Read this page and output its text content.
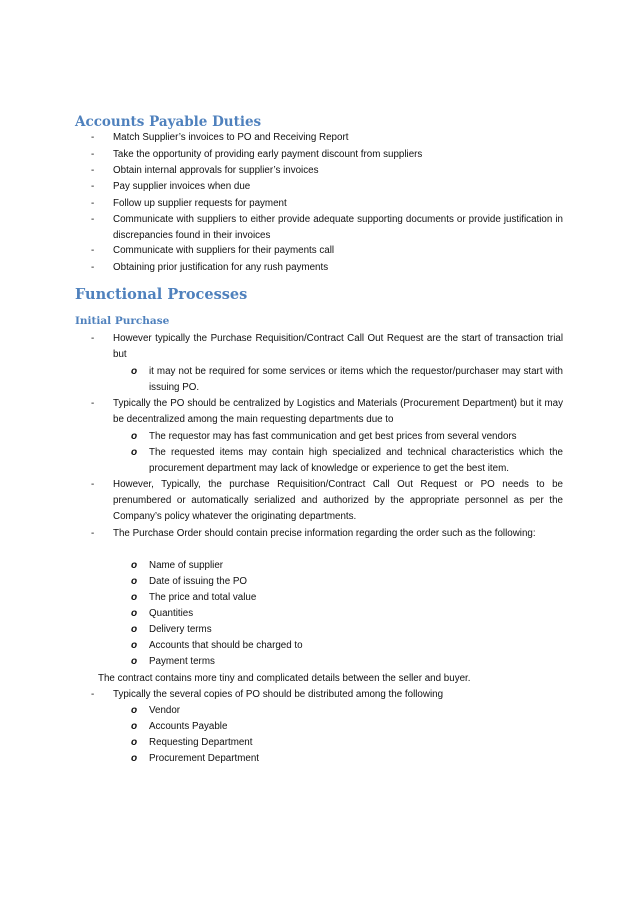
Accounts Payable Duties
- Match Supplier’s invoices to PO and Receiving Report
- Take the opportunity of providing early payment discount from suppliers
- Obtain internal approvals for supplier’s invoices
- Pay supplier invoices when due
- Follow up supplier requests for payment
- Communicate with suppliers to either provide adequate supporting documents or provide justification in discrepancies found in their invoices
- Communicate with suppliers for their payments call
- Obtaining prior justification for any rush payments
Functional Processes
Initial Purchase
- However typically the Purchase Requisition/Contract Call Out Request are the start of transaction trial but
o it may not be required for some services or items which the requestor/purchaser may start with issuing PO.
- Typically the PO should be centralized by Logistics and Materials (Procurement Department) but it may be decentralized among the main requesting departments due to
o The requestor may has fast communication and get best prices from several vendors
o The requested items may contain high specialized and technical characteristics which the procurement department may lack of knowledge or experience to get the best item.
- However, Typically, the purchase Requisition/Contract Call Out Request or PO needs to be prenumbered or automatically serialized and authorized by the appropriate personnel as per the Company’s policy whatever the originating departments.
- The Purchase Order should contain precise information regarding the order such as the following:
o Name of supplier
o Date of issuing the PO
o The price and total value
o Quantities
o Delivery terms
o Accounts that should be charged to
o Payment terms
The contract contains more tiny and complicated details between the seller and buyer.
- Typically the several copies of PO should be distributed among the following
o Vendor
o Accounts Payable
o Requesting Department
o Procurement Department
